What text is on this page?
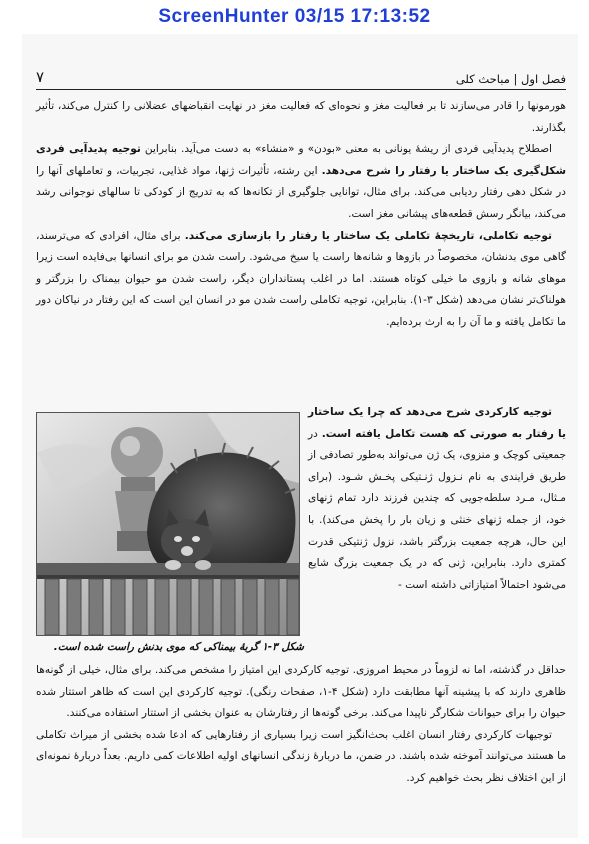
ScreenHunter 03/15 17:13:52
۷	فصل اول | مباحث کلی

هورمونها را قادر می‌سازند تا بر فعالیت مغز و نحوه‌ای که فعالیت مغز در نهایت انقباضهای عضلانی را کنترل می‌کند، تأثیر بگذارند.

اصطلاح پدیدآیی فردی از ریشهٔ یونانی به معنی «بودن» و «منشاء» به دست می‌آید. بنابراین توجیه پدیدآیی فردی شکل‌گیری یک ساختار یا رفتار را شرح می‌دهد. این رشته، تأثیرات ژنها، مواد غذایی، تجربیات، و تعاملهای آنها را در شکل دهی رفتار ردیابی می‌کند. برای مثال، توانایی جلوگیری از تکانه‌ها که به تدریج از کودکی تا سالهای نوجوانی رشد می‌کند، بیانگر رسش قطعه‌های پیشانی مغز است.

توجیه تکاملی، تاریخچهٔ تکاملی یک ساختار یا رفتار را بازسازی می‌کند. برای مثال، افرادی که می‌ترسند، گاهی موی بدنشان، مخصوصاً در بازوها و شانه‌ها راست یا سیخ می‌شود. راست شدن مو برای انسانها بی‌فایده است زیرا موهای شانه و بازوی ما خیلی کوتاه هستند. اما در اغلب پستانداران دیگر، راست شدن مو حیوان بیمناک را بزرگتر و هولناک‌تر نشان می‌دهد (شکل ۳-۱). بنابراین، توجیه تکاملی راست شدن مو در انسان این است که این رفتار در نیاکان دور ما تکامل یافته و ما آن را به ارث برده‌ایم.

شکل ۳-۱ گربهٔ بیمناکی که موی بدنش راست شده است.

توجیه کارکردی شرح می‌دهد که چرا یک ساختار یا رفتار به صورتی که هست تکامل یافته است. در جمعیتی کوچک و منزوی، یک ژن می‌تواند به‌طور تصادفی از طریق فرایندی به نام نـزول ژنـتیکی پخـش شـود. (برای مـثال، مـرد سلطه‌جویی که چندین فرزند دارد تمام ژنهای خود، از جمله ژنهای خنثی و زیان بار را پخش می‌کند). با این حال، هرچه جمعیت بزرگتر باشد، نزول ژنتیکی قدرت کمتری دارد. بنابراین، ژنی که در یک جمعیت بزرگ شایع می‌شود احتمالاً امتیازاتی داشته است -

حداقل در گذشته، اما نه لزوماً در محیط امروزی. توجیه کارکردی این امتیاز را مشخص می‌کند. برای مثال، خیلی از گونه‌ها ظاهری دارند که با پیشینه آنها مطابقت دارد (شکل ۴-۱، صفحات رنگی). توجیه کارکردی این است که ظاهر استتار شده حیوان را برای حیوانات شکارگر ناپیدا می‌کند. برخی گونه‌ها از رفتارشان به عنوان بخشی از استتار استفاده می‌کنند.

توجیهات کارکردی رفتار انسان اغلب بحث‌انگیز است زیرا بسیاری از رفتارهایی که ادعا شده بخشی از میراث تکاملی ما هستند می‌توانند آموخته شده باشند. در ضمن، ما دربارهٔ زندگی انسانهای اولیه اطلاعات کمی داریم. بعداً دربارهٔ نمونه‌ای از این اختلاف نظر بحث خواهیم کرد.
